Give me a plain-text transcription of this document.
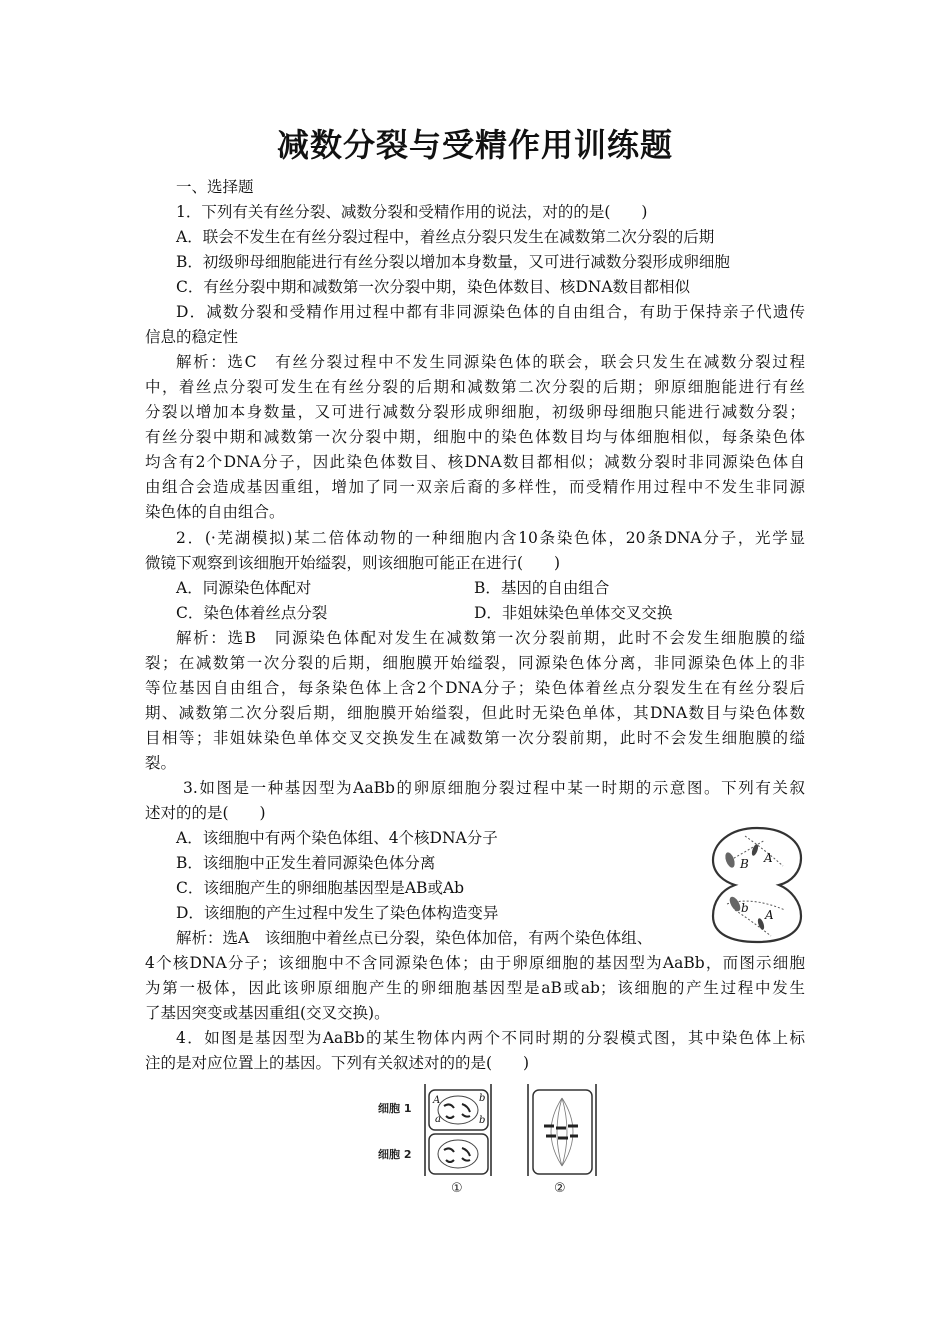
减数分裂与受精作用训练题
一、选择题
1．下列有关有丝分裂、减数分裂和受精作用的说法，对的的是(　　)
A．联会不发生在有丝分裂过程中，着丝点分裂只发生在减数第二次分裂的后期
B．初级卵母细胞能进行有丝分裂以增加本身数量，又可进行减数分裂形成卵细胞
C．有丝分裂中期和减数第一次分裂中期，染色体数目、核DNA数目都相似
D．减数分裂和受精作用过程中都有非同源染色体的自由组合，有助于保持亲子代遗传
信息的稳定性
解析：选C　有丝分裂过程中不发生同源染色体的联会，联会只发生在减数分裂过程
中，着丝点分裂可发生在有丝分裂的后期和减数第二次分裂的后期；卵原细胞能进行有丝
分裂以增加本身数量，又可进行减数分裂形成卵细胞，初级卵母细胞只能进行减数分裂；
有丝分裂中期和减数第一次分裂中期，细胞中的染色体数目均与体细胞相似，每条染色体
均含有2个DNA分子，因此染色体数目、核DNA数目都相似；减数分裂时非同源染色体自
由组合会造成基因重组，增加了同一双亲后裔的多样性，而受精作用过程中不发生非同源
染色体的自由组合。
2．(·芜湖模拟)某二倍体动物的一种细胞内含10条染色体，20条DNA分子，光学显
微镜下观察到该细胞开始缢裂，则该细胞可能正在进行(　　)
A．同源染色体配对	B．基因的自由组合
C．染色体着丝点分裂	D．非姐妹染色单体交叉交换
解析：选B　同源染色体配对发生在减数第一次分裂前期，此时不会发生细胞膜的缢
裂；在减数第一次分裂的后期，细胞膜开始缢裂，同源染色体分离，非同源染色体上的非
等位基因自由组合，每条染色体上含2个DNA分子；染色体着丝点分裂发生在有丝分裂后
期、减数第二次分裂后期，细胞膜开始缢裂，但此时无染色单体，其DNA数目与染色体数
目相等；非姐妹染色单体交叉交换发生在减数第一次分裂前期，此时不会发生细胞膜的缢
裂。
3.如图是一种基因型为AaBb的卵原细胞分裂过程中某一时期的示意图。下列有关叙
述对的的是(　　)
A．该细胞中有两个染色体组、4个核DNA分子
B．该细胞中正发生着同源染色体分离
C．该细胞产生的卵细胞基因型是AB或Ab
D．该细胞的产生过程中发生了染色体构造变异
解析：选A　该细胞中着丝点已分裂，染色体加倍，有两个染色体组、
4个核DNA分子；该细胞中不含同源染色体；由于卵原细胞的基因型为AaBb，而图示细胞
为第一极体，因此该卵原细胞产生的卵细胞基因型是aB或ab；该细胞的产生过程中发生
了基因突变或基因重组(交叉交换)。
B A
b A
4．如图是基因型为AaBb的某生物体内两个不同时期的分裂模式图，其中染色体上标
注的是对应位置上的基因。下列有关叙述对的的是(　　)
细胞 1
细胞 2
A
a
b
b
①	②
